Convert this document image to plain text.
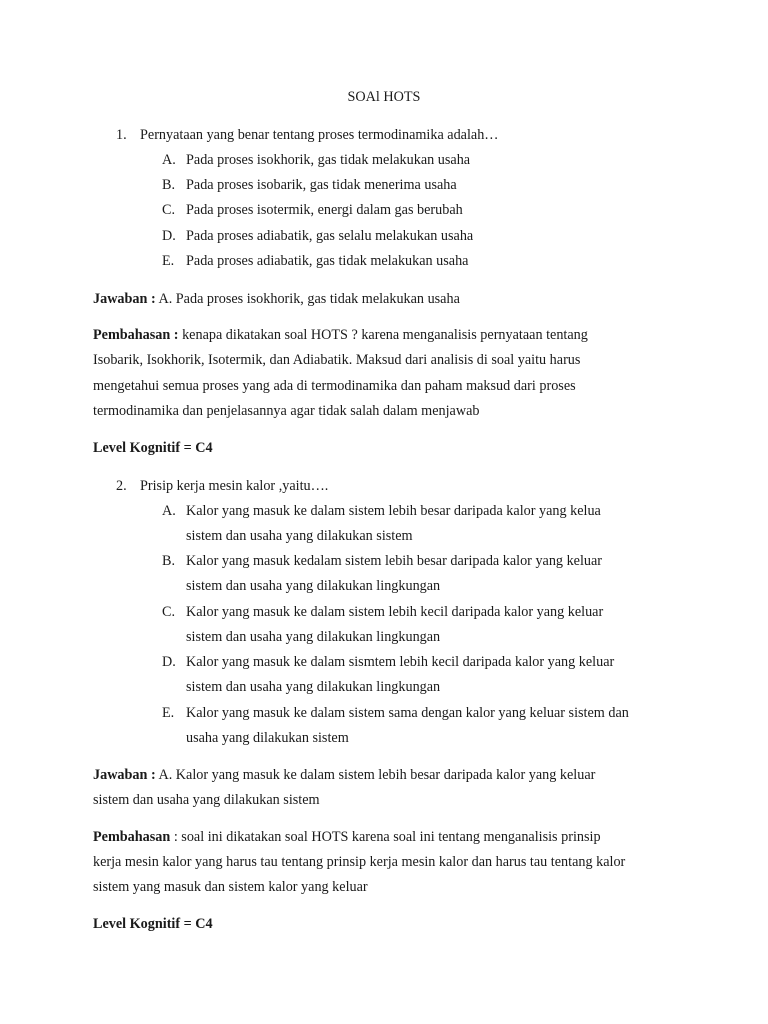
SOAl HOTS
1. Pernyataan yang benar tentang proses termodinamika adalah…
A. Pada proses isokhorik, gas tidak melakukan usaha
B. Pada proses isobarik, gas tidak menerima usaha
C. Pada proses isotermik, energi dalam gas berubah
D. Pada proses adiabatik, gas selalu melakukan usaha
E. Pada proses adiabatik, gas tidak melakukan usaha
Jawaban : A. Pada proses isokhorik, gas tidak melakukan usaha
Pembahasan : kenapa dikatakan soal HOTS ? karena menganalisis pernyataan tentang
Isobarik, Isokhorik, Isotermik, dan Adiabatik. Maksud dari analisis di soal yaitu harus
mengetahui semua proses yang ada di termodinamika dan paham maksud dari proses
termodinamika dan penjelasannya agar tidak salah dalam menjawab
Level Kognitif = C4
2. Prisip kerja mesin kalor ,yaitu….
A. Kalor yang masuk ke dalam sistem lebih besar daripada kalor yang kelua
sistem dan usaha yang dilakukan sistem
B. Kalor yang masuk kedalam sistem lebih besar daripada kalor yang keluar
sistem dan usaha yang dilakukan lingkungan
C. Kalor yang masuk ke dalam sistem lebih kecil daripada kalor yang keluar
sistem dan usaha yang dilakukan lingkungan
D. Kalor yang masuk ke dalam sismtem lebih kecil daripada kalor yang keluar
sistem dan usaha yang dilakukan lingkungan
E. Kalor yang masuk ke dalam sistem sama dengan kalor yang keluar sistem dan
usaha yang dilakukan sistem
Jawaban : A. Kalor yang masuk ke dalam sistem lebih besar daripada kalor yang keluar
sistem dan usaha yang dilakukan sistem
Pembahasan : soal ini dikatakan soal HOTS karena soal ini tentang menganalisis prinsip
kerja mesin kalor yang harus tau tentang prinsip kerja mesin kalor dan harus tau tentang kalor
sistem yang masuk dan sistem kalor yang keluar
Level Kognitif = C4
